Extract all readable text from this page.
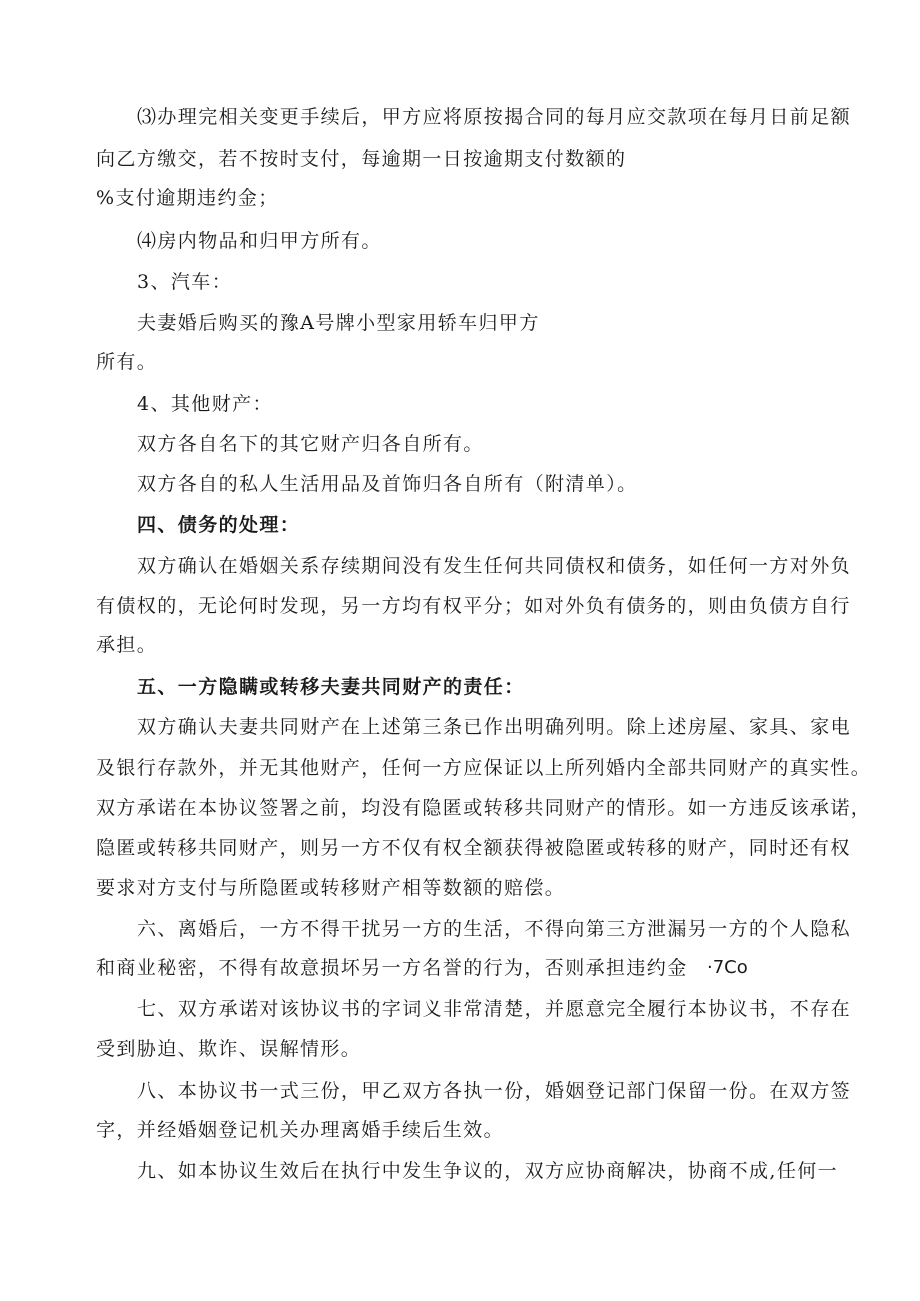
⑶办理完相关变更手续后，甲方应将原按揭合同的每月应交款项在每月日前足额
向乙方缴交，若不按时支付，每逾期一日按逾期支付数额的
%支付逾期违约金；
⑷房内物品和归甲方所有。
3、汽车：
夫妻婚后购买的豫A号牌小型家用轿车归甲方
所有。
4、其他财产：
双方各自名下的其它财产归各自所有。
双方各自的私人生活用品及首饰归各自所有（附清单）。
四、债务的处理：
双方确认在婚姻关系存续期间没有发生任何共同债权和债务，如任何一方对外负
有债权的，无论何时发现，另一方均有权平分；如对外负有债务的，则由负债方自行
承担。
五、一方隐瞒或转移夫妻共同财产的责任：
双方确认夫妻共同财产在上述第三条已作出明确列明。除上述房屋、家具、家电
及银行存款外，并无其他财产，任何一方应保证以上所列婚内全部共同财产的真实性。
双方承诺在本协议签署之前，均没有隐匿或转移共同财产的情形。如一方违反该承诺，
隐匿或转移共同财产，则另一方不仅有权全额获得被隐匿或转移的财产，同时还有权
要求对方支付与所隐匿或转移财产相等数额的赔偿。
六、离婚后，一方不得干扰另一方的生活，不得向第三方泄漏另一方的个人隐私
和商业秘密，不得有故意损坏另一方名誉的行为，否则承担违约金 ·7Co
七、双方承诺对该协议书的字词义非常清楚，并愿意完全履行本协议书，不存在
受到胁迫、欺诈、误解情形。
八、本协议书一式三份，甲乙双方各执一份，婚姻登记部门保留一份。在双方签
字，并经婚姻登记机关办理离婚手续后生效。
九、如本协议生效后在执行中发生争议的，双方应协商解决，协商不成,任何一
